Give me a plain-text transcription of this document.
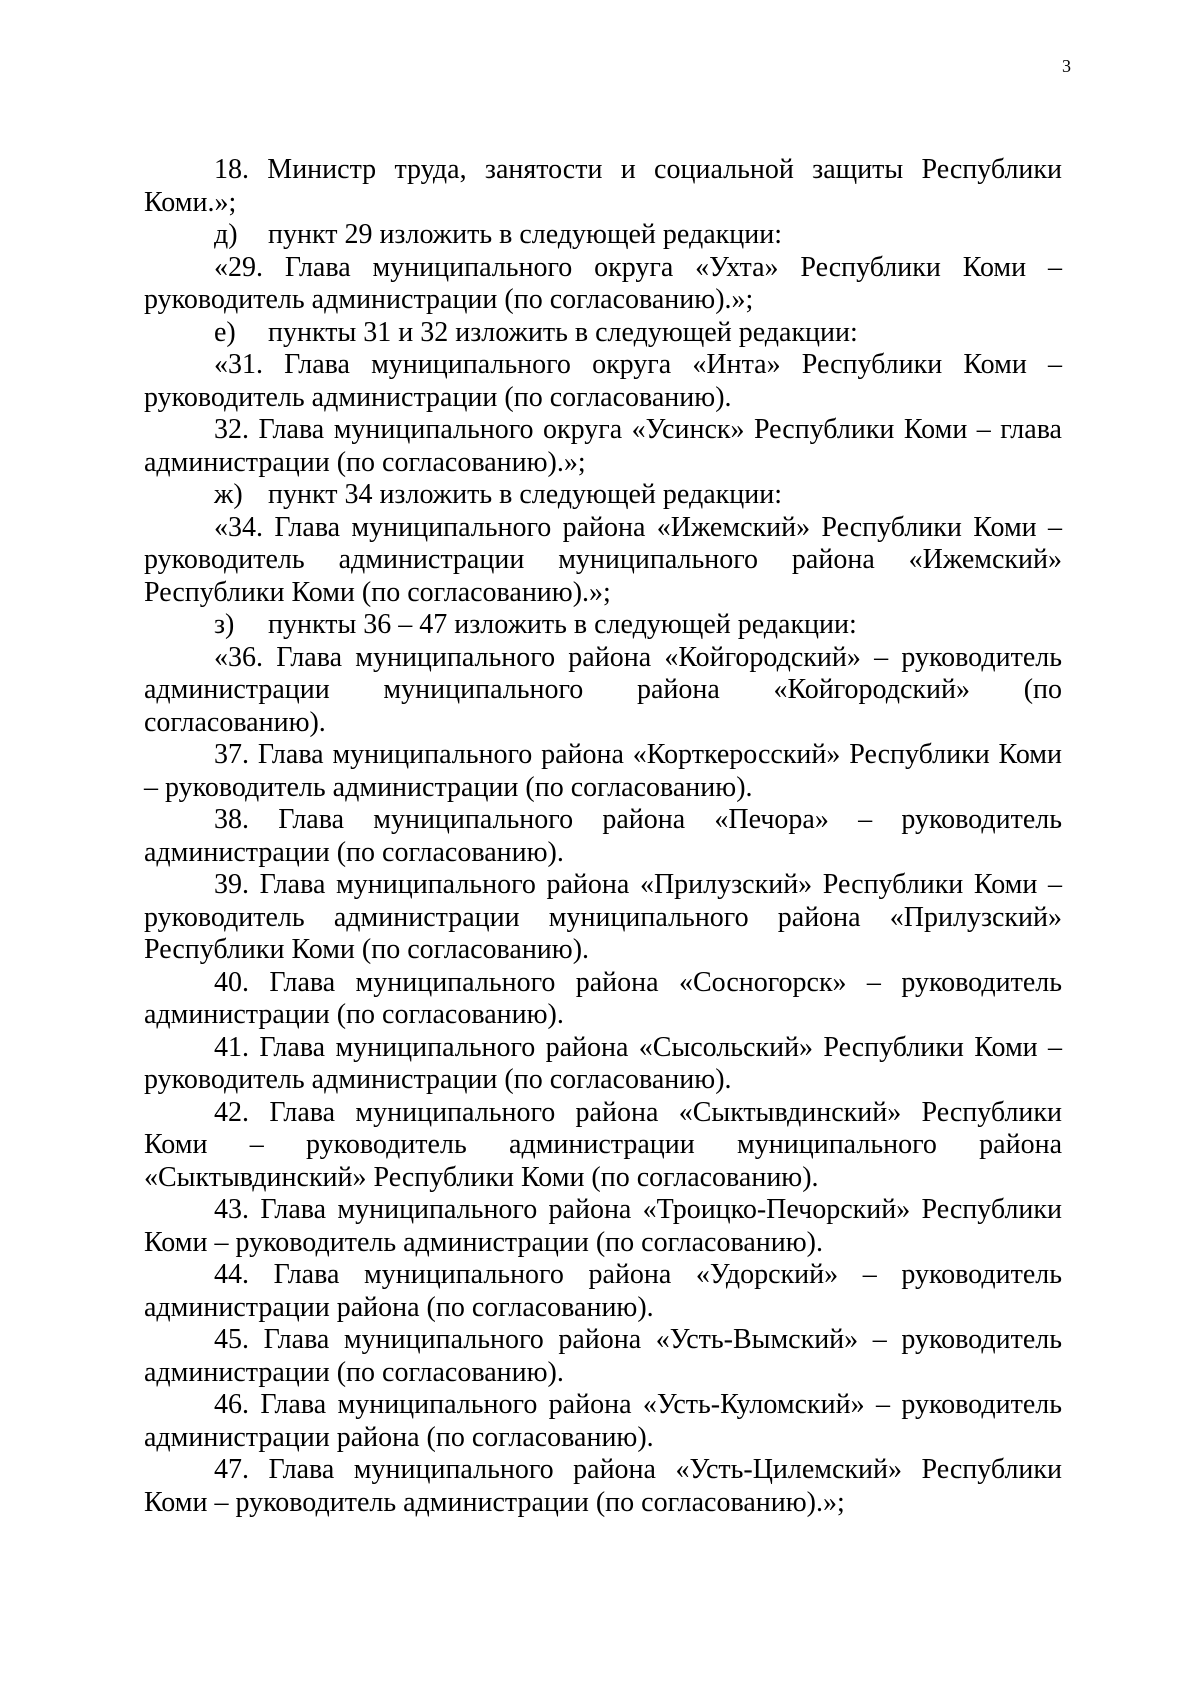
3

18. Министр труда, занятости и социальной защиты Республики Коми.»;

д) пункт 29 изложить в следующей редакции:

«29. Глава муниципального округа «Ухта» Республики Коми – руководитель администрации (по согласованию).»;

е) пункты 31 и 32 изложить в следующей редакции:

«31. Глава муниципального округа «Инта» Республики Коми – руководитель администрации (по согласованию).

32. Глава муниципального округа «Усинск» Республики Коми – глава администрации (по согласованию).»;

ж) пункт 34 изложить в следующей редакции:

«34. Глава муниципального района «Ижемский» Республики Коми – руководитель администрации муниципального района «Ижемский» Республики Коми (по согласованию).»;

з) пункты 36 – 47 изложить в следующей редакции:

«36. Глава муниципального района «Койгородский» – руководитель администрации муниципального района «Койгородский» (по согласованию).

37. Глава муниципального района «Корткеросский» Республики Коми – руководитель администрации (по согласованию).

38. Глава муниципального района «Печора» – руководитель администрации (по согласованию).

39. Глава муниципального района «Прилузский» Республики Коми – руководитель администрации муниципального района «Прилузский» Республики Коми (по согласованию).

40. Глава муниципального района «Сосногорск» – руководитель администрации (по согласованию).

41. Глава муниципального района «Сысольский» Республики Коми – руководитель администрации (по согласованию).

42. Глава муниципального района «Сыктывдинский» Республики Коми – руководитель администрации муниципального района «Сыктывдинский» Республики Коми (по согласованию).

43. Глава муниципального района «Троицко-Печорский» Республики Коми – руководитель администрации (по согласованию).

44. Глава муниципального района «Удорский» – руководитель администрации района (по согласованию).

45. Глава муниципального района «Усть-Вымский» – руководитель администрации (по согласованию).

46. Глава муниципального района «Усть-Куломский» – руководитель администрации района (по согласованию).

47. Глава муниципального района «Усть-Цилемский» Республики Коми – руководитель администрации (по согласованию).»;
